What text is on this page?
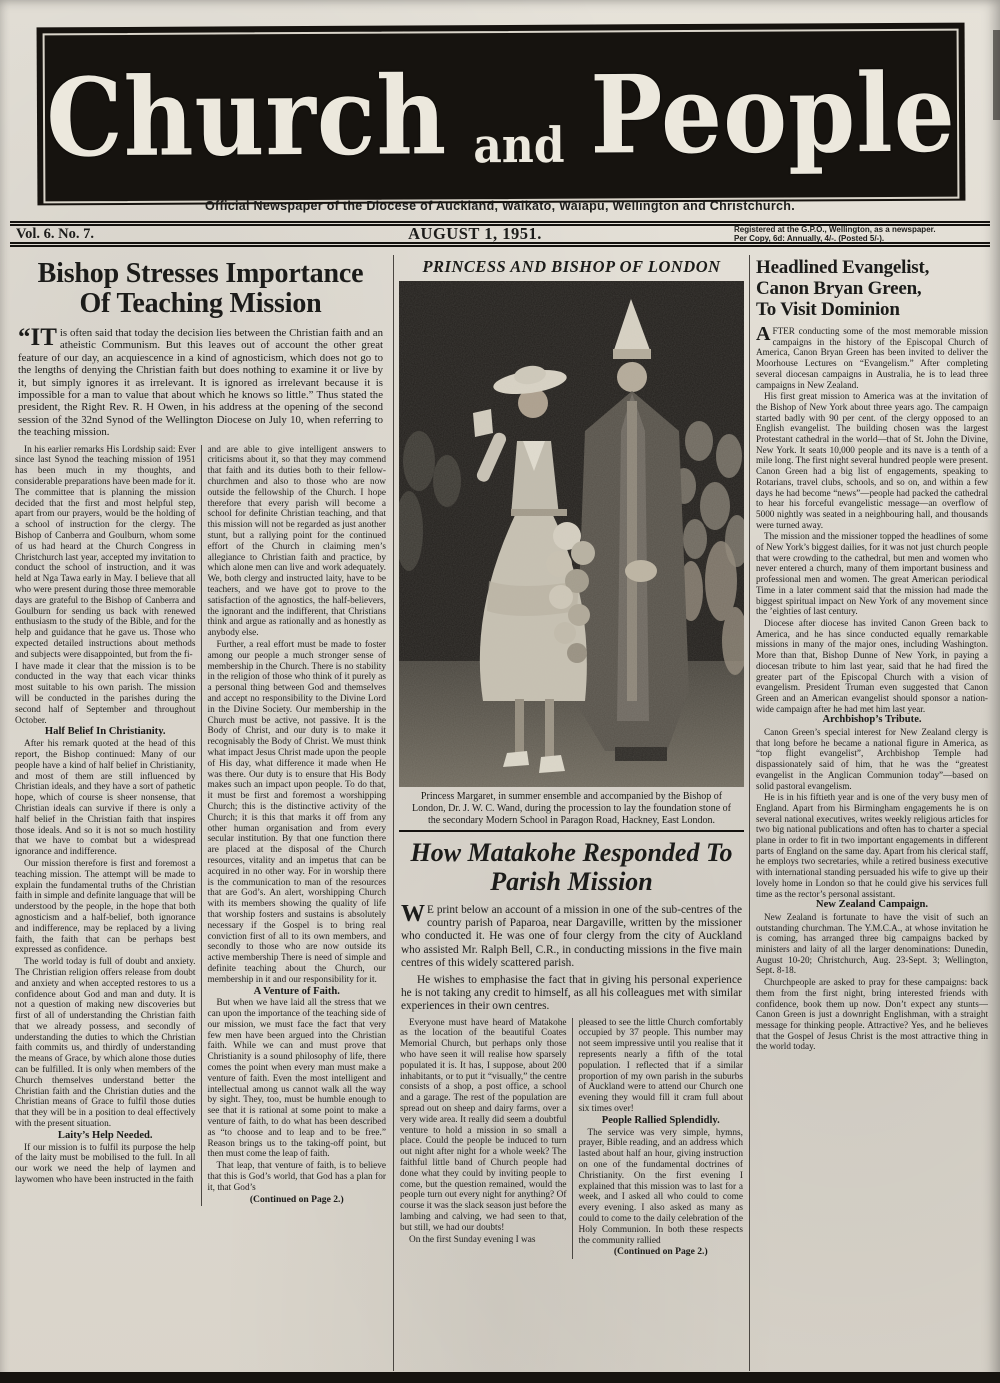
Church and People
Official Newspaper of the Diocese of Auckland, Waikato, Waiapu, Wellington and Christchurch.
Vol. 6. No. 7.	AUGUST 1, 1951.	Registered at the G.P.O., Wellington, as a newspaper.
Per Copy, 6d: Annually, 4/-. (Posted 5/-).
Bishop Stresses Importance
Of Teaching Mission
“IT is often said that today the decision lies between the Christian faith and an atheistic Communism. But this leaves out of account the other great feature of our day, an acquiescence in a kind of agnosticism, which does not go to the lengths of denying the Christian faith but does nothing to examine it or live by it, but simply ignores it as irrelevant. It is ignored as irrelevant because it is impossible for a man to value that about which he knows so little.” Thus stated the president, the Right Rev. R. H Owen, in his address at the opening of the second session of the 32nd Synod of the Wellington Diocese on July 10, when referring to the teaching mission.

In his earlier remarks His Lordship said: Ever since last Synod the teaching mission of 1951 has been much in my thoughts, and considerable preparations have been made for it. The committee that is planning the mission decided that the first and most helpful step, apart from our prayers, would be the holding of a school of instruction for the clergy. The Bishop of Canberra and Goulburn, whom some of us had heard at the Church Congress in Christchurch last year, accepted my invitation to conduct the school of instruction, and it was held at Nga Tawa early in May. I believe that all who were present during those three memorable days are grateful to the Bishop of Canberra and Goulburn for sending us back with renewed enthusiasm to the study of the Bible, and for the help and guidance that he gave us. Those who expected detailed instructions about methods and subjects were disappointed, but from the fi-

I have made it clear that the mission is to be conducted in the way that each vicar thinks most suitable to his own parish. The mission will be conducted in the parishes during the second half of September and throughout October.

Half Belief In Christianity.

After his remark quoted at the head of this report, the Bishop continued: Many of our people have a kind of half belief in Christianity, and most of them are still influenced by Christian ideals, and they have a sort of pathetic hope, which of course is sheer nonsense, that Christian ideals can survive if there is only a half belief in the Christian faith that inspires those ideals. And so it is not so much hostility that we have to combat but a widespread ignorance and indifference.

Our mission therefore is first and foremost a teaching mission. The attempt will be made to explain the fundamental truths of the Christian faith in simple and definite language that will be understood by the people, in the hope that both agnosticism and a half-belief, both ignorance and indifference, may be replaced by a living faith, the faith that can be perhaps best expressed as confidence.

The world today is full of doubt and anxiety. The Christian religion offers release from doubt and anxiety and when accepted restores to us a confidence about God and man and duty. It is not a question of making new discoveries but first of all of understanding the Christian faith that we already possess, and secondly of understanding the duties to which the Christian faith commits us, and thirdly of understanding the means of Grace, by which alone those duties can be fulfilled. It is only when members of the Church themselves understand better the Christian faith and the Christian duties and the Christian means of Grace to fulfil those duties that they will be in a position to deal effectively with the present situation.

Laity’s Help Needed.

If our mission is to fulfil its purpose the help of the laity must be mobilised to the full. In all our work we need the help of laymen and laywomen who have been instructed in the faith

and are able to give intelligent answers to criticisms about it, so that they may commend that faith and its duties both to their fellow-churchmen and also to those who are now outside the fellowship of the Church. I hope therefore that every parish will become a school for definite Christian teaching, and that this mission will not be regarded as just another stunt, but a rallying point for the continued effort of the Church in claiming men’s allegiance to Christian faith and practice, by which alone men can live and work adequately. We, both clergy and instructed laity, have to be teachers, and we have got to prove to the satisfaction of the agnostics, the half-believers, the ignorant and the indifferent, that Christians think and argue as rationally and as honestly as anybody else.

Further, a real effort must be made to foster among our people a much stronger sense of membership in the Church. There is no stability in the religion of those who think of it purely as a personal thing between God and themselves and accept no responsibility to the Divine Lord in the Divine Society. Our membership in the Church must be active, not passive. It is the Body of Christ, and our duty is to make it recognisably the Body of Christ. We must think what impact Jesus Christ made upon the people of His day, what difference it made when He was there. Our duty is to ensure that His Body makes such an impact upon people. To do that, it must be first and foremost a worshipping Church; this is the distinctive activity of the Church; it is this that marks it off from any other human organisation and from every secular institution. By that one function there are placed at the disposal of the Church resources, vitality and an impetus that can be acquired in no other way. For in worship there is the communication to man of the resources that are God’s. An alert, worshipping Church with its members showing the quality of life that worship fosters and sustains is absolutely necessary if the Gospel is to bring real conviction first of all to its own members, and secondly to those who are now outside its active membership There is need of simple and definite teaching about the Church, our membership in it and our responsibility for it.

A Venture of Faith.

But when we have laid all the stress that we can upon the importance of the teaching side of our mission, we must face the fact that very few men have been argued into the Christian faith. While we can and must prove that Christianity is a sound philosophy of life, there comes the point when every man must make a venture of faith. Even the most intelligent and intellectual among us cannot walk all the way by sight. They, too, must be humble enough to see that it is rational at some point to make a venture of faith, to do what has been described as “to choose and to leap and to be free.” Reason brings us to the taking-off point, but then must come the leap of faith.

That leap, that venture of faith, is to believe that this is God’s world, that God has a plan for it, that God’s

(Continued on Page 2.)

PRINCESS AND BISHOP OF LONDON
Princess Margaret, in summer ensemble and accompanied by the Bishop of London, Dr. J. W. C. Wand, during the procession to lay the foundation stone of the secondary Modern School in Paragon Road, Hackney, East London.
How Matakohe Responded To
Parish Mission
W E print below an account of a mission in one of the sub-centres of the country parish of Paparoa, near Dargaville, written by the missioner who conducted it. He was one of four clergy from the city of Auckland who assisted Mr. Ralph Bell, C.R., in conducting missions in the five main centres of this widely scattered parish.
He wishes to emphasise the fact that in giving his personal experience he is not taking any credit to himself, as all his colleagues met with similar experiences in their own centres.

Everyone must have heard of Matakohe as the location of the beautiful Coates Memorial Church, but perhaps only those who have seen it will realise how sparsely populated it is. It has, I suppose, about 200 inhabitants, or to put it “visually,” the centre consists of a shop, a post office, a school and a garage. The rest of the population are spread out on sheep and dairy farms, over a very wide area. It really did seem a doubtful venture to hold a mission in so small a place. Could the people be induced to turn out night after night for a whole week? The faithful little band of Church people had done what they could by inviting people to come, but the question remained, would the people turn out every night for anything? Of course it was the slack season just before the lambing and calving, we had seen to that, but still, we had our doubts!

On the first Sunday evening I was

pleased to see the little Church comfortably occupied by 37 people. This number may not seem impressive until you realise that it represents nearly a fifth of the total population. I reflected that if a similar proportion of my own parish in the suburbs of Auckland were to attend our Church one evening they would fill it cram full about six times over!

People Rallied Splendidly.

The service was very simple, hymns, prayer, Bible reading, and an address which lasted about half an hour, giving instruction on one of the fundamental doctrines of Christianity. On the first evening I explained that this mission was to last for a week, and I asked all who could to come every evening. I also asked as many as could to come to the daily celebration of the Holy Communion. In both these respects the community rallied

(Continued on Page 2.)

Headlined Evangelist,
Canon Bryan Green,
To Visit Dominion

A FTER conducting some of the most memorable mission campaigns in the history of the Episcopal Church of America, Canon Bryan Green has been invited to deliver the Moorhouse Lectures on “Evangelism.” After completing several diocesan campaigns in Australia, he is to lead three campaigns in New Zealand.

His first great mission to America was at the invitation of the Bishop of New York about three years ago. The campaign started badly with 90 per cent. of the clergy opposed to an English evangelist. The building chosen was the largest Protestant cathedral in the world—that of St. John the Divine, New York. It seats 10,000 people and its nave is a tenth of a mile long. The first night several hundred people were present. Canon Green had a big list of engagements, speaking to Rotarians, travel clubs, schools, and so on, and within a few days he had become “news”—people had packed the cathedral to hear his forceful evangelistic message—an overflow of 5000 nightly was seated in a neighbouring hall, and thousands were turned away.

The mission and the missioner topped the headlines of some of New York’s biggest dailies, for it was not just church people that were crowding to the cathedral, but men and women who never entered a church, many of them important business and professional men and women. The great American periodical Time in a later comment said that the mission had made the biggest spiritual impact on New York of any movement since the ’eighties of last century.

Diocese after diocese has invited Canon Green back to America, and he has since conducted equally remarkable missions in many of the major ones, including Washington. More than that, Bishop Dunne of New York, in paying a diocesan tribute to him last year, said that he had fired the greater part of the Episcopal Church with a vision of evangelism. President Truman even suggested that Canon Green and an American evangelist should sponsor a nation-wide campaign after he had met him last year.

Archbishop’s Tribute.

Canon Green’s special interest for New Zealand clergy is that long before he became a national figure in America, as “top flight evangelist”, Archbishop Temple had dispassionately said of him, that he was the “greatest evangelist in the Anglican Communion today”—based on solid pastoral evangelism.

He is in his fiftieth year and is one of the very busy men of England. Apart from his Birmingham engagements he is on several national executives, writes weekly religious articles for two big national publications and often has to charter a special plane in order to fit in two important engagements in different parts of England on the same day. Apart from his clerical staff, he employs two secretaries, while a retired business executive with international standing persuaded his wife to give up their lovely home in London so that he could give his services full time as the rector’s personal assistant.

New Zealand Campaign.

New Zealand is fortunate to have the visit of such an outstanding churchman. The Y.M.C.A., at whose invitation he is coming, has arranged three big campaigns backed by ministers and laity of all the larger denominations: Dunedin, August 10-20; Christchurch, Aug. 23-Sept. 3; Wellington, Sept. 8-18.

Churchpeople are asked to pray for these campaigns: back them from the first night, bring interested friends with confidence, book them up now. Don’t expect any stunts—Canon Green is just a downright Englishman, with a straight message for thinking people. Attractive? Yes, and he believes that the Gospel of Jesus Christ is the most attractive thing in the world today.
